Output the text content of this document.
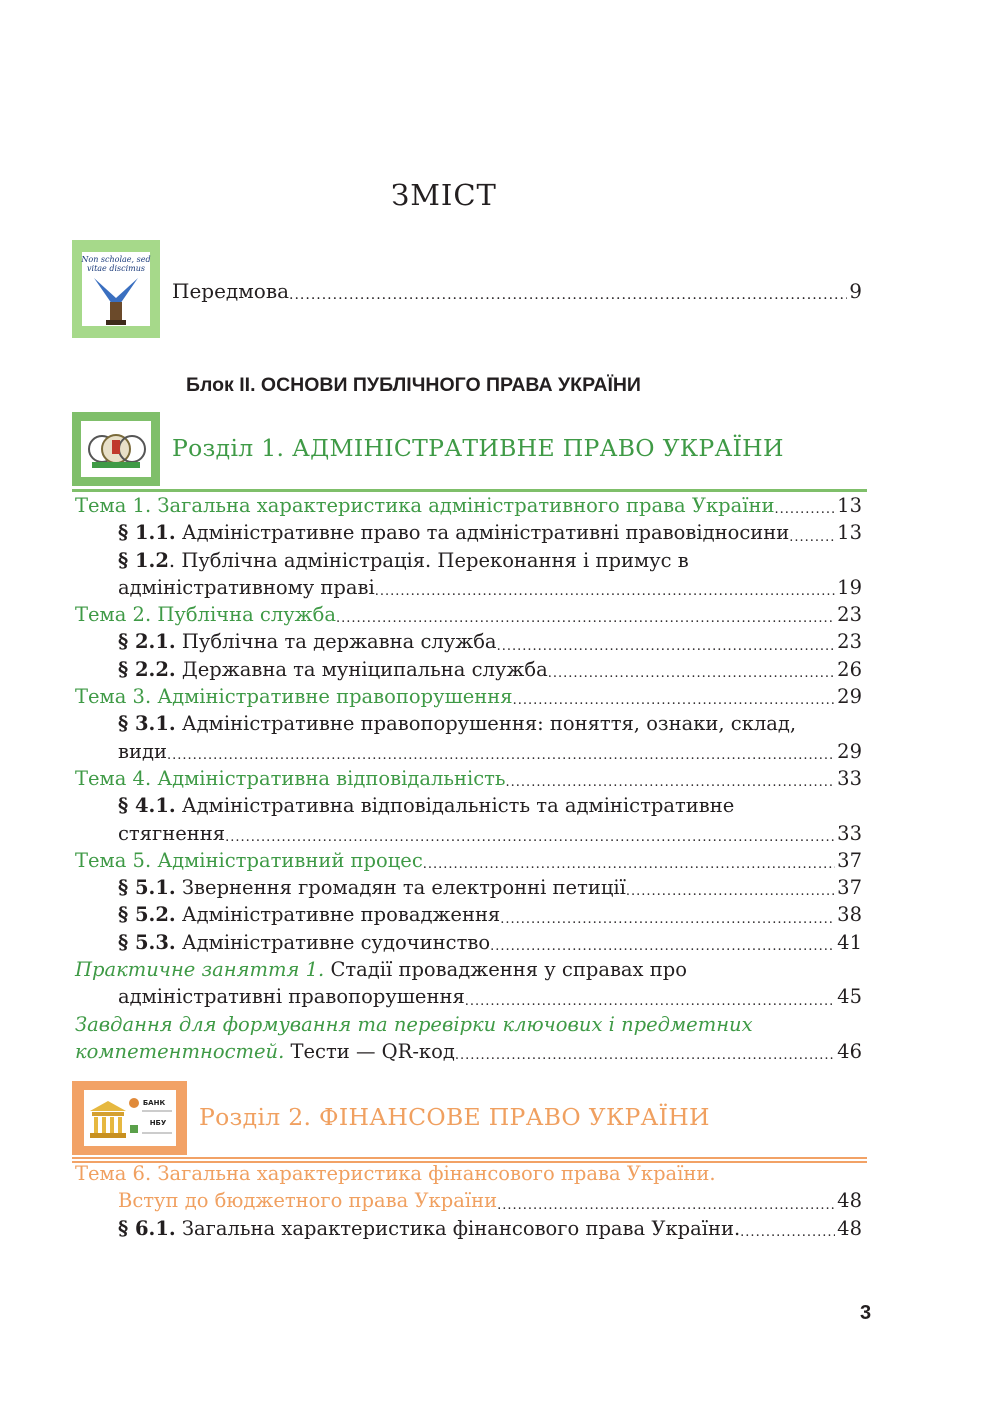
ЗМІСТ
Non scholae, sed
vitae discimus
Передмова .....	9
Блок ІІ. ОСНОВИ ПУБЛІЧНОГО ПРАВА УКРАЇНИ
Розділ 1. АДМІНІСТРАТИВНЕ ПРАВО УКРАЇНИ
Тема 1. Загальна характеристика адміністративного права України .....	13
§ 1.1. Адміністративне право та адміністративні правовідносини ..... 13
§ 1.2. Публічна адміністрація. Переконання і примус в
адміністративному праві .....	19
Тема 2. Публічна служба .....	23
§ 2.1. Публічна та державна служба .....	23
§ 2.2. Державна та муніципальна служба .....	26
Тема 3. Адміністративне правопорушення .....	29
§ 3.1. Адміністративне правопорушення: поняття, ознаки, склад,
види .....	29
Тема 4. Адміністративна відповідальність .....	33
§ 4.1. Адміністративна відповідальність та адміністративне
стягнення .....	33
Тема 5. Адміністративний процес .....	37
§ 5.1. Звернення громадян та електронні петиції .....	37
§ 5.2. Адміністративне провадження .....	38
§ 5.3. Адміністративне судочинство .....	41
Практичне заняття 1. Стадії провадження у справах про
адміністративні правопорушення .....	45
Завдання для формування та перевірки ключових і предметних
компетентностей. Тести — QR-код .....	46
БАНК
НБУ Розділ 2. ФІНАНСОВЕ ПРАВО УКРАЇНИ
Тема 6. Загальна характеристика фінансового права України.
Вступ до бюджетного права України .....	48
§ 6.1. Загальна характеристика фінансового права України. .....	48
3
